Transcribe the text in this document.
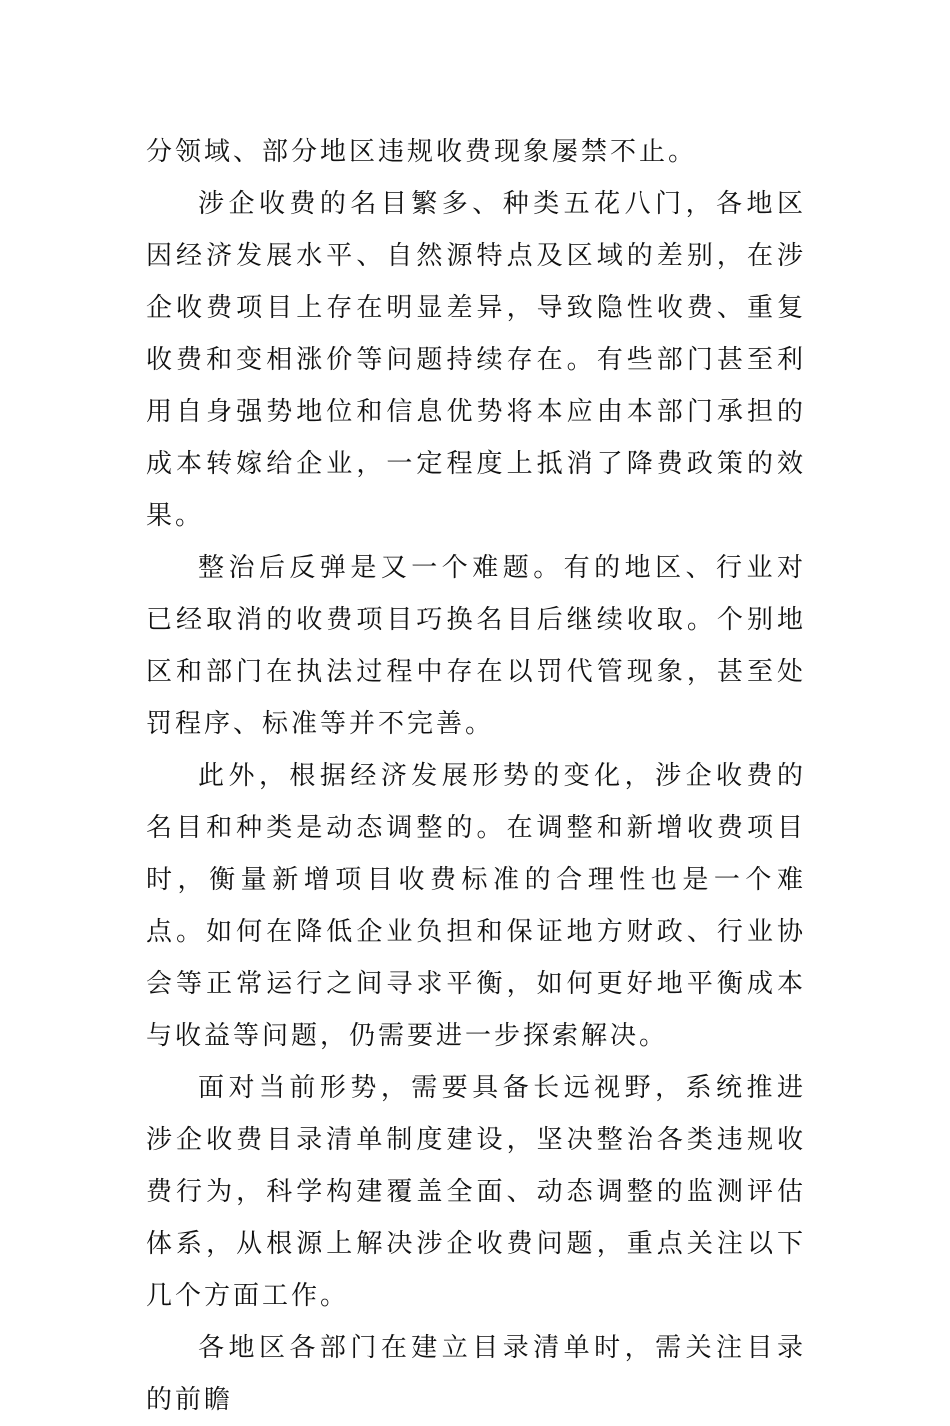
分领域、部分地区违规收费现象屡禁不止。

涉企收费的名目繁多、种类五花八门，各地区因经济发展水平、自然源特点及区域的差别，在涉企收费项目上存在明显差异，导致隐性收费、重复收费和变相涨价等问题持续存在。有些部门甚至利用自身强势地位和信息优势将本应由本部门承担的成本转嫁给企业，一定程度上抵消了降费政策的效果。

整治后反弹是又一个难题。有的地区、行业对已经取消的收费项目巧换名目后继续收取。个别地区和部门在执法过程中存在以罚代管现象，甚至处罚程序、标准等并不完善。

此外，根据经济发展形势的变化，涉企收费的名目和种类是动态调整的。在调整和新增收费项目时，衡量新增项目收费标准的合理性也是一个难点。如何在降低企业负担和保证地方财政、行业协会等正常运行之间寻求平衡，如何更好地平衡成本与收益等问题，仍需要进一步探索解决。

面对当前形势，需要具备长远视野，系统推进涉企收费目录清单制度建设，坚决整治各类违规收费行为，科学构建覆盖全面、动态调整的监测评估体系，从根源上解决涉企收费问题，重点关注以下几个方面工作。

各地区各部门在建立目录清单时，需关注目录的前瞻
